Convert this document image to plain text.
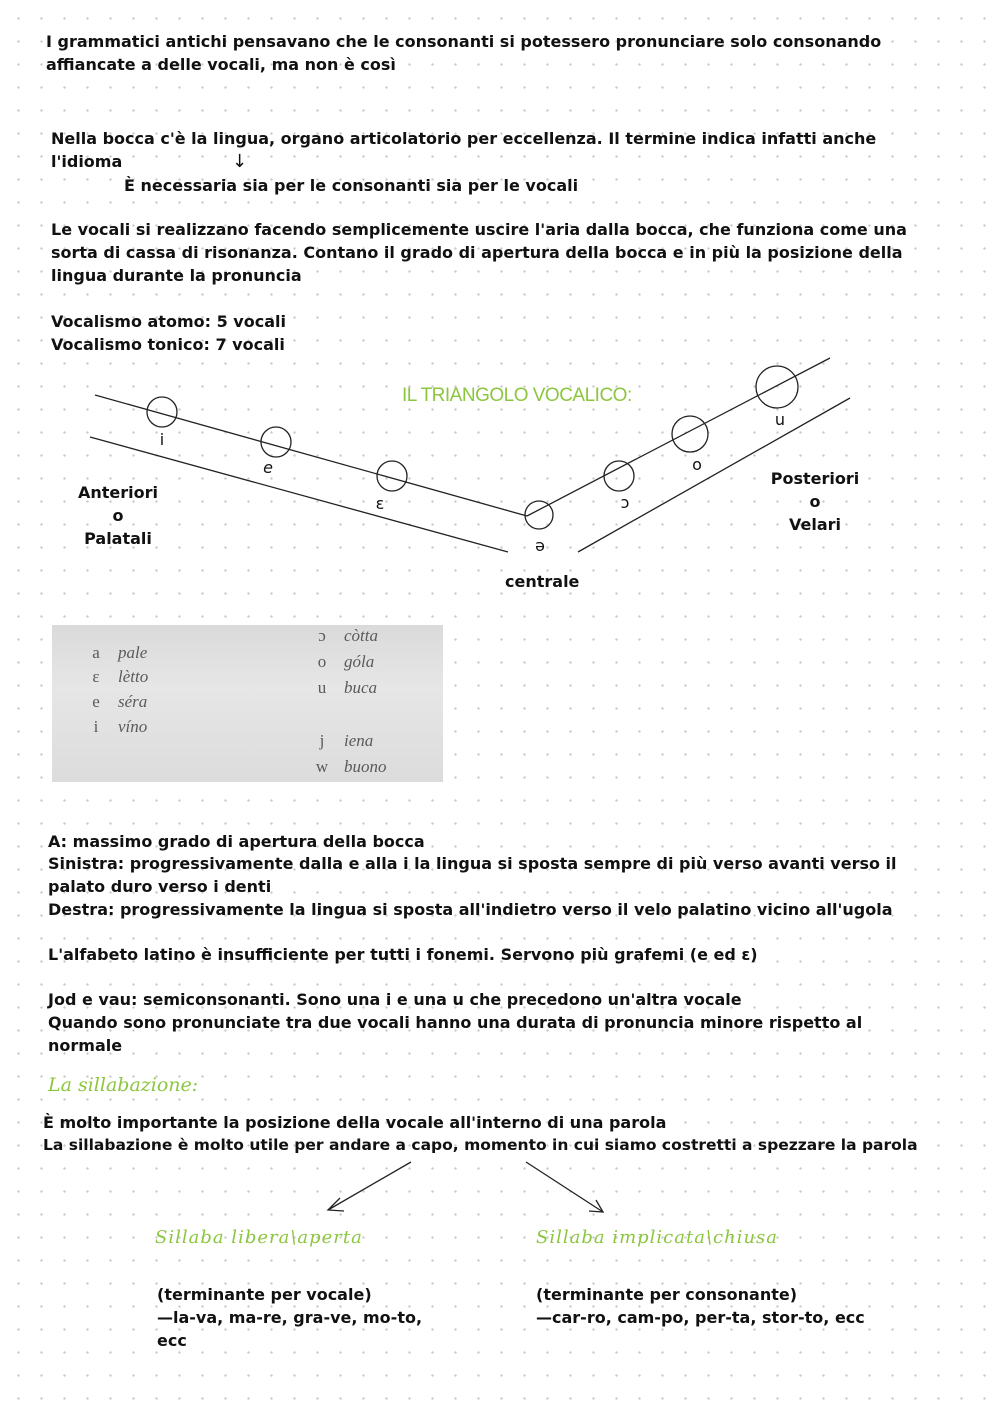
I grammatici antichi pensavano che le consonanti si potessero pronunciare solo consonando affiancate a delle vocali, ma non è così

Nella bocca c'è la lingua, organo articolatorio per eccellenza. Il termine indica infatti anche l'idioma	↓

È necessaria sia per le consonanti sia per le vocali

Le vocali si realizzano facendo semplicemente uscire l'aria dalla bocca, che funziona come una sorta di cassa di risonanza. Contano il grado di apertura della bocca e in più la posizione della lingua durante la pronuncia

Vocalismo atomo: 5 vocali

Vocalismo tonico: 7 vocali

i
e
ε
ə
ɔ
o
u
IL TRIANGOLO VOCALICO:
Anteriori
o
Palatali
Posteriori
o
Velari
centrale
a pale
ε lètto
e séra
i	víno
ɔ còtta
o góla
u buca
j	iena
w buono

A: massimo grado di apertura della bocca

Sinistra: progressivamente dalla e alla i la lingua si sposta sempre di più verso avanti verso il palato duro verso i denti

Destra: progressivamente la lingua si sposta all'indietro verso il velo palatino vicino all'ugola

L'alfabeto latino è insufficiente per tutti i fonemi. Servono più grafemi (e ed ε)

Jod e vau: semiconsonanti. Sono una i e una u che precedono un'altra vocale

Quando sono pronunciate tra due vocali hanno una durata di pronuncia minore rispetto al normale

La sillabazione:

È molto importante la posizione della vocale all'interno di una parola

La sillabazione è molto utile per andare a capo, momento in cui siamo costretti a spezzare la parola

Sillaba libera\aperta

(terminante per vocale)

—la-va, ma-re, gra-ve, mo-to, ecc

Sillaba implicata\chiusa

(terminante per consonante)

—car-ro, cam-po, per-ta, stor-to, ecc
